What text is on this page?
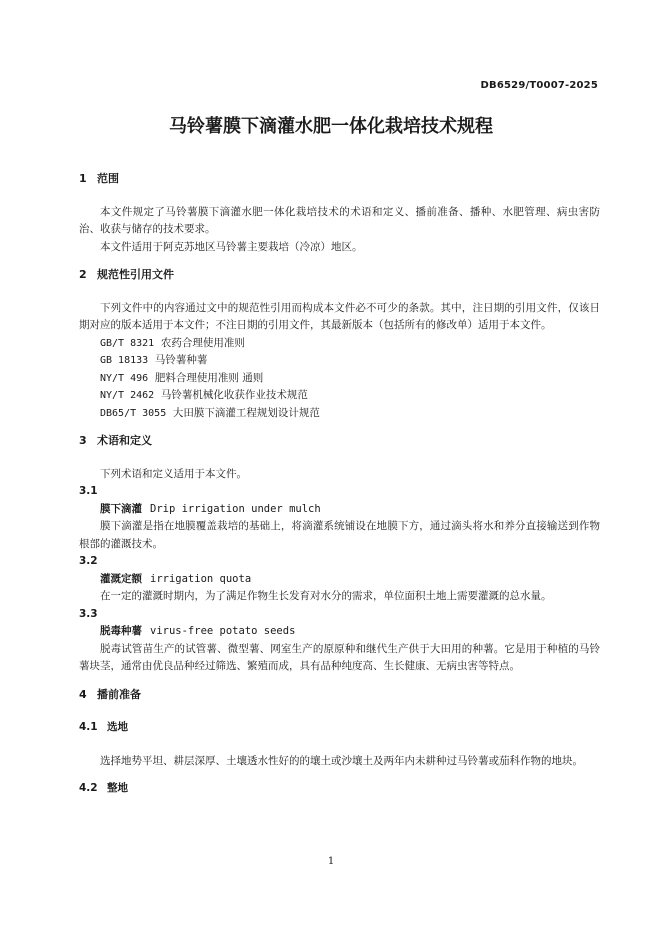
DB6529/T0007-2025
马铃薯膜下滴灌水肥一体化栽培技术规程
1 范围

本文件规定了马铃薯膜下滴灌水肥一体化栽培技术的术语和定义、播前准备、播种、水肥管理、病虫害防治、收获与储存的技术要求。

本文件适用于阿克苏地区马铃薯主要栽培（冷凉）地区。

2 规范性引用文件

下列文件中的内容通过文中的规范性引用而构成本文件必不可少的条款。其中，注日期的引用文件，仅该日期对应的版本适用于本文件；不注日期的引用文件，其最新版本（包括所有的修改单）适用于本文件。

GB/T 8321 农药合理使用准则
GB 18133 马铃薯种薯
NY/T 496 肥料合理使用准则 通则
NY/T 2462 马铃薯机械化收获作业技术规范
DB65/T 3055 大田膜下滴灌工程规划设计规范
3 术语和定义

下列术语和定义适用于本文件。

3.1
膜下滴灌 Drip irrigation under mulch

膜下滴灌是指在地膜覆盖栽培的基础上，将滴灌系统铺设在地膜下方，通过滴头将水和养分直接输送到作物根部的灌溉技术。

3.2
灌溉定额 irrigation quota

在一定的灌溉时期内，为了满足作物生长发育对水分的需求，单位面积土地上需要灌溉的总水量。

3.3
脱毒种薯 virus-free potato seeds

脱毒试管苗生产的试管薯、微型薯、网室生产的原原种和继代生产供于大田用的种薯。它是用于种植的马铃薯块茎，通常由优良品种经过筛选、繁殖而成，具有品种纯度高、生长健康、无病虫害等特点。

4 播前准备
4.1 选地

选择地势平坦、耕层深厚、土壤透水性好的的壤土或沙壤土及两年内未耕种过马铃薯或茄科作物的地块。

4.2 整地
1
